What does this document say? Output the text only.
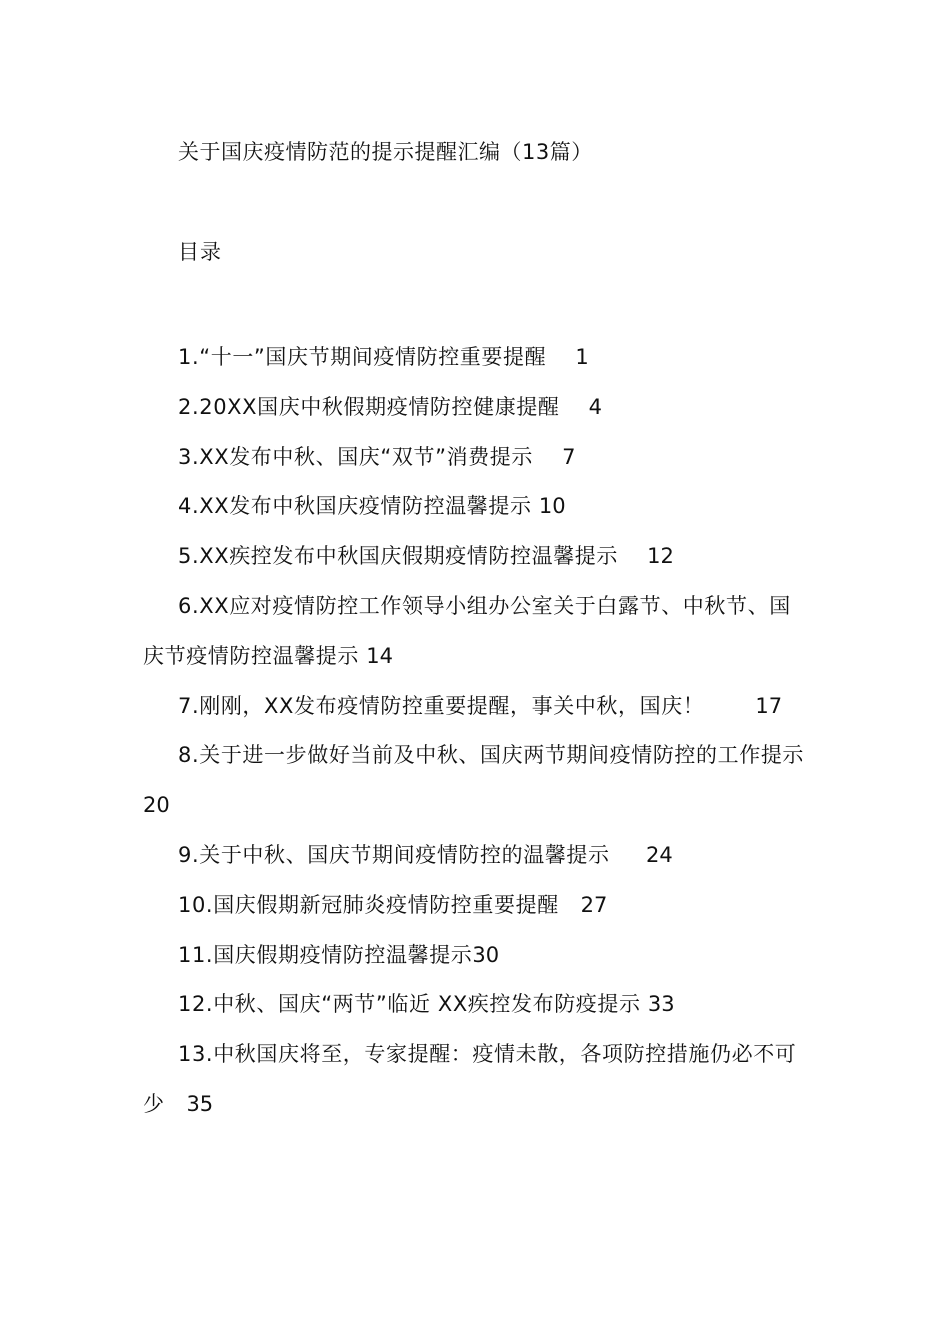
关于国庆疫情防范的提示提醒汇编（13篇）
目录
1.“十一”国庆节期间疫情防控重要提醒 1
2.20XX国庆中秋假期疫情防控健康提醒 4
3.XX发布中秋、国庆“双节”消费提示 7
4.XX发布中秋国庆疫情防控温馨提示 10
5.XX疾控发布中秋国庆假期疫情防控温馨提示 12
6.XX应对疫情防控工作领导小组办公室关于白露节、中秋节、国庆节疫情防控温馨提示 14
7.刚刚，XX发布疫情防控重要提醒，事关中秋，国庆！ 17
8.关于进一步做好当前及中秋、国庆两节期间疫情防控的工作提示 20
9.关于中秋、国庆节期间疫情防控的温馨提示 24
10.国庆假期新冠肺炎疫情防控重要提醒 27
11.国庆假期疫情防控温馨提示30
12.中秋、国庆“两节”临近 XX疾控发布防疫提示 33
13.中秋国庆将至，专家提醒：疫情未散，各项防控措施仍必不可少 35
